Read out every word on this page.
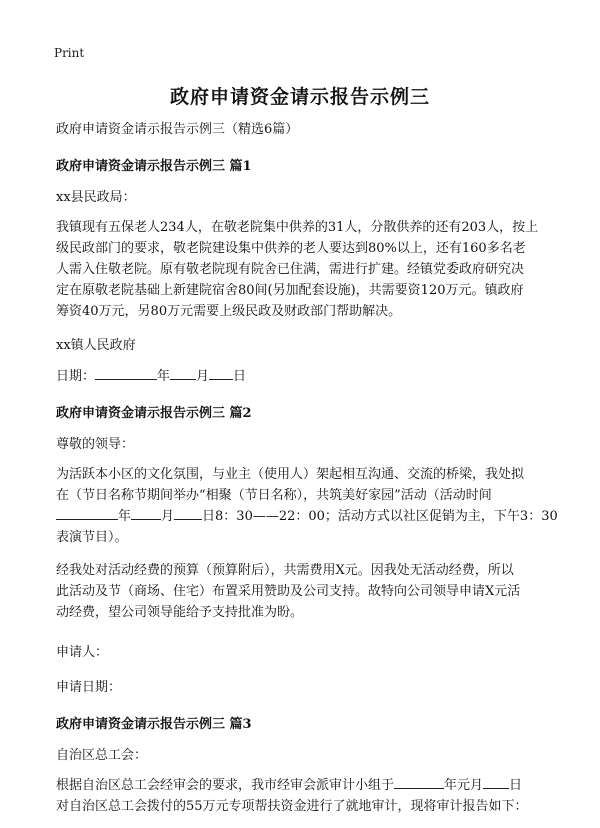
Print
政府申请资金请示报告示例三
政府申请资金请示报告示例三（精选6篇）
政府申请资金请示报告示例三 篇1
xx县民政局：
我镇现有五保老人234人，在敬老院集中供养的31人，分散供养的还有203人，按上
级民政部门的要求，敬老院建设集中供养的老人要达到80%以上，还有160多名老
人需入住敬老院。原有敬老院现有院舍已住满，需进行扩建。经镇党委政府研究决
定在原敬老院基础上新建院宿舍80间(另加配套设施)，共需要资120万元。镇政府
筹资40万元，另80万元需要上级民政及财政部门帮助解决。
xx镇人民政府
日期：	年 月 日
政府申请资金请示报告示例三 篇2
尊敬的领导：
为活跃本小区的文化氛围，与业主（使用人）架起相互沟通、交流的桥梁，我处拟
在（节日名称节期间举办“相聚（节日名称），共筑美好家园”活动（活动时间
年 月 日8：30——22：00；活动方式以社区促销为主，下午3：30
表演节目）。
经我处对活动经费的预算（预算附后），共需费用X元。因我处无活动经费，所以
此活动及节（商场、住宅）布置采用赞助及公司支持。故特向公司领导申请X元活
动经费，望公司领导能给予支持批准为盼。
申请人：
申请日期：
政府申请资金请示报告示例三 篇3
自治区总工会：
根据自治区总工会经审会的要求，我市经审会派审计小组于	年元月 日
对自治区总工会拨付的55万元专项帮扶资金进行了就地审计，现将审计报告如下：
